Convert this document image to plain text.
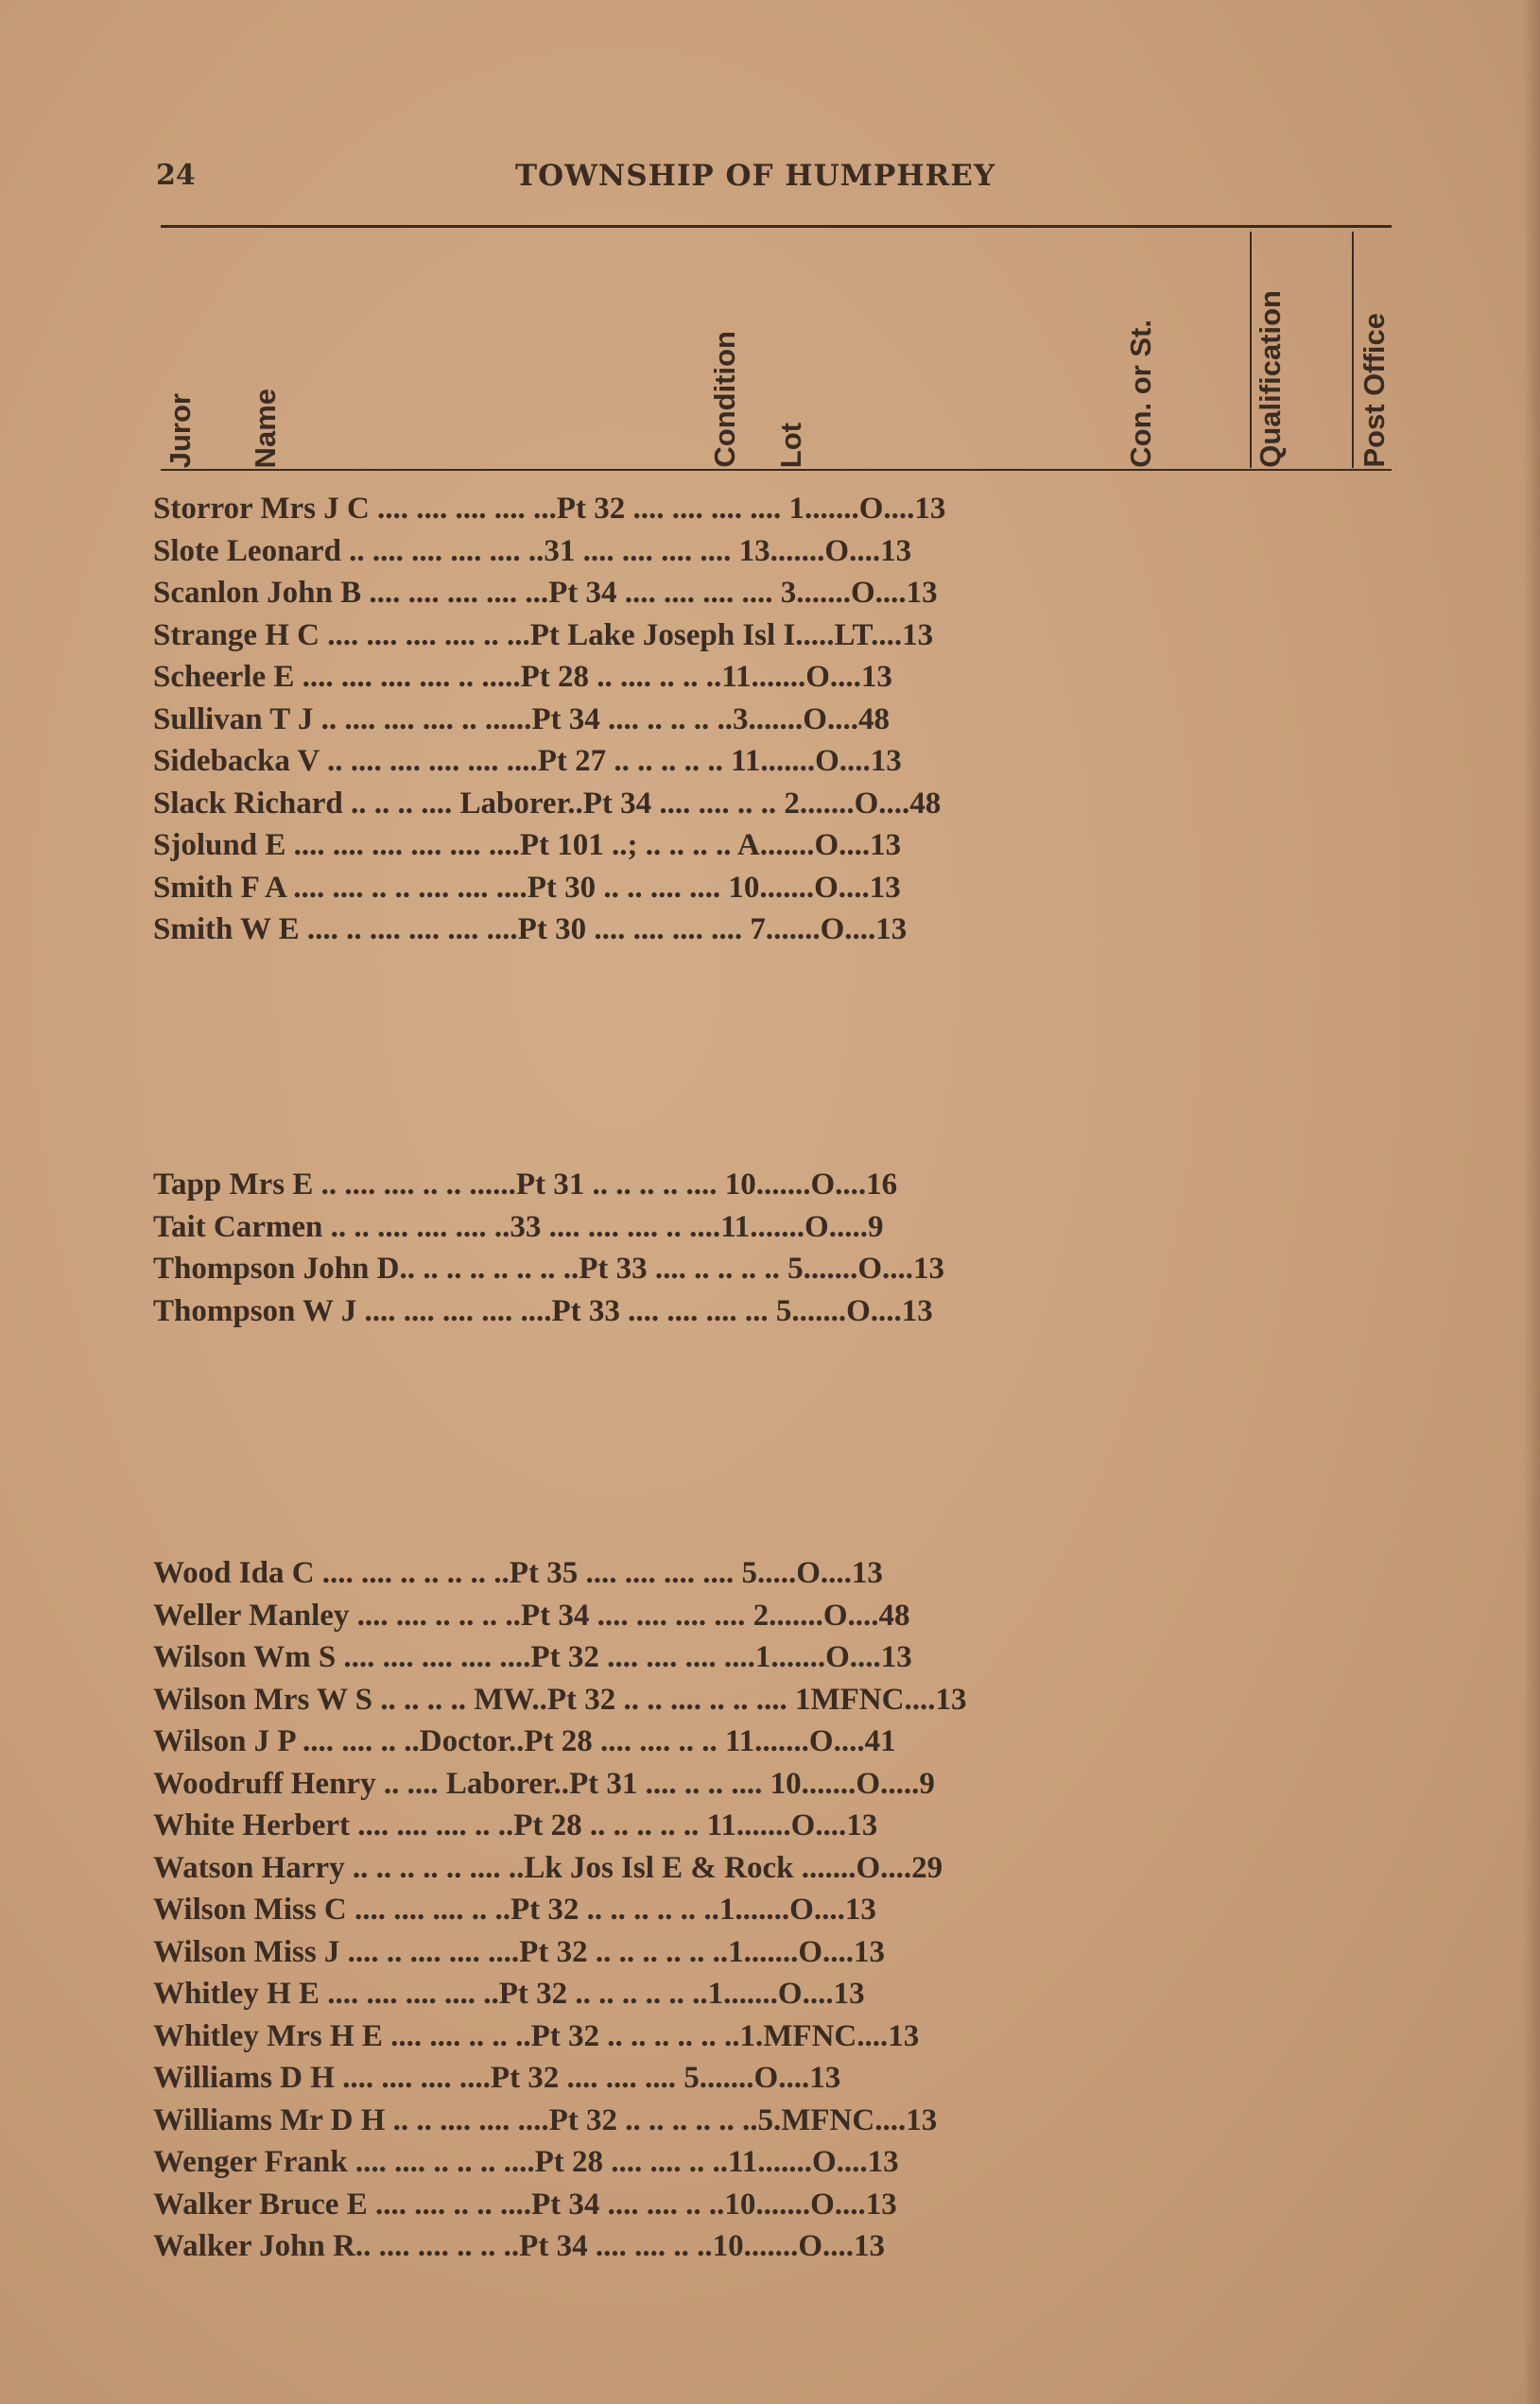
24	TOWNSHIP OF HUMPHREY
Juror Name	Condition Lot	Con. or St.	Qualification Post Office
Storror Mrs J C .... .... .... .... ...Pt 32 .... .... .... .... 1.......O....13
Slote Leonard .. .... .... .... .... ..31 .... .... .... .... 13.......O....13
Scanlon John B .... .... .... .... ...Pt 34 .... .... .... .... 3.......O....13
Strange H C .... .... .... .... .. ...Pt Lake Joseph Isl I.....LT....13
Scheerle E .... .... .... .... .. .....Pt 28 .. .... .. .. ..11.......O....13
Sullivan T J .. .... .... .... .. ......Pt 34 .... .. .. .. ..3.......O....48
Sidebacka V .. .... .... .... .... ....Pt 27 .. .. .. .. .. 11.......O....13
Slack Richard .. .. .. .... Laborer..Pt 34 .... .... .. .. 2.......O....48
Sjolund E .... .... .... .... .... ....Pt 101 ..; .. .. .. .. A.......O....13
Smith F A .... .... .. .. .... .... ....Pt 30 .. .. .... .... 10.......O....13
Smith W E .... .. .... .... .... ....Pt 30 .... .... .... .... 7.......O....13
Tapp Mrs E .. .... .... .. .. ......Pt 31 .. .. .. .. .... 10.......O....16
Tait Carmen .. .. .... .... .... ..33 .... .... .... .. ....11.......O.....9
Thompson John D.. .. .. .. .. .. .. ..Pt 33 .... .. .. .. .. 5.......O....13
Thompson W J .... .... .... .... ....Pt 33 .... .... .... ... 5.......O....13
Wood Ida C .... .... .. .. .. .. ..Pt 35 .... .... .... .... 5.....O....13
Weller Manley .... .... .. .. .. ..Pt 34 .... .... .... .... 2.......O....48
Wilson Wm S .... .... .... .... ....Pt 32 .... .... .... ....1.......O....13
Wilson Mrs W S .. .. .. .. MW..Pt 32 .. .. .... .. .. .... 1MFNC....13
Wilson J P .... .... .. ..Doctor..Pt 28 .... .... .. .. 11.......O....41
Woodruff Henry .. .... Laborer..Pt 31 .... .. .. .... 10.......O.....9
White Herbert .... .... .... .. ..Pt 28 .. .. .. .. .. 11.......O....13
Watson Harry .. .. .. .. .. .... ..Lk Jos Isl E & Rock .......O....29
Wilson Miss C .... .... .... .. ..Pt 32 .. .. .. .. .. ..1.......O....13
Wilson Miss J .... .. .... .... ....Pt 32 .. .. .. .. .. ..1.......O....13
Whitley H E .... .... .... .... ..Pt 32 .. .. .. .. .. ..1.......O....13
Whitley Mrs H E .... .... .. .. ..Pt 32 .. .. .. .. .. ..1.MFNC....13
Williams D H .... .... .... ....Pt 32 .... .... .... 5.......O....13
Williams Mr D H .. .. .... .... ....Pt 32 .. .. .. .. .. ..5.MFNC....13
Wenger Frank .... .... .. .. .. ....Pt 28 .... .... .. ..11.......O....13
Walker Bruce E .... .... .. .. ....Pt 34 .... .... .. ..10.......O....13
Walker John R.. .... .... .. .. ..Pt 34 .... .... .. ..10.......O....13
